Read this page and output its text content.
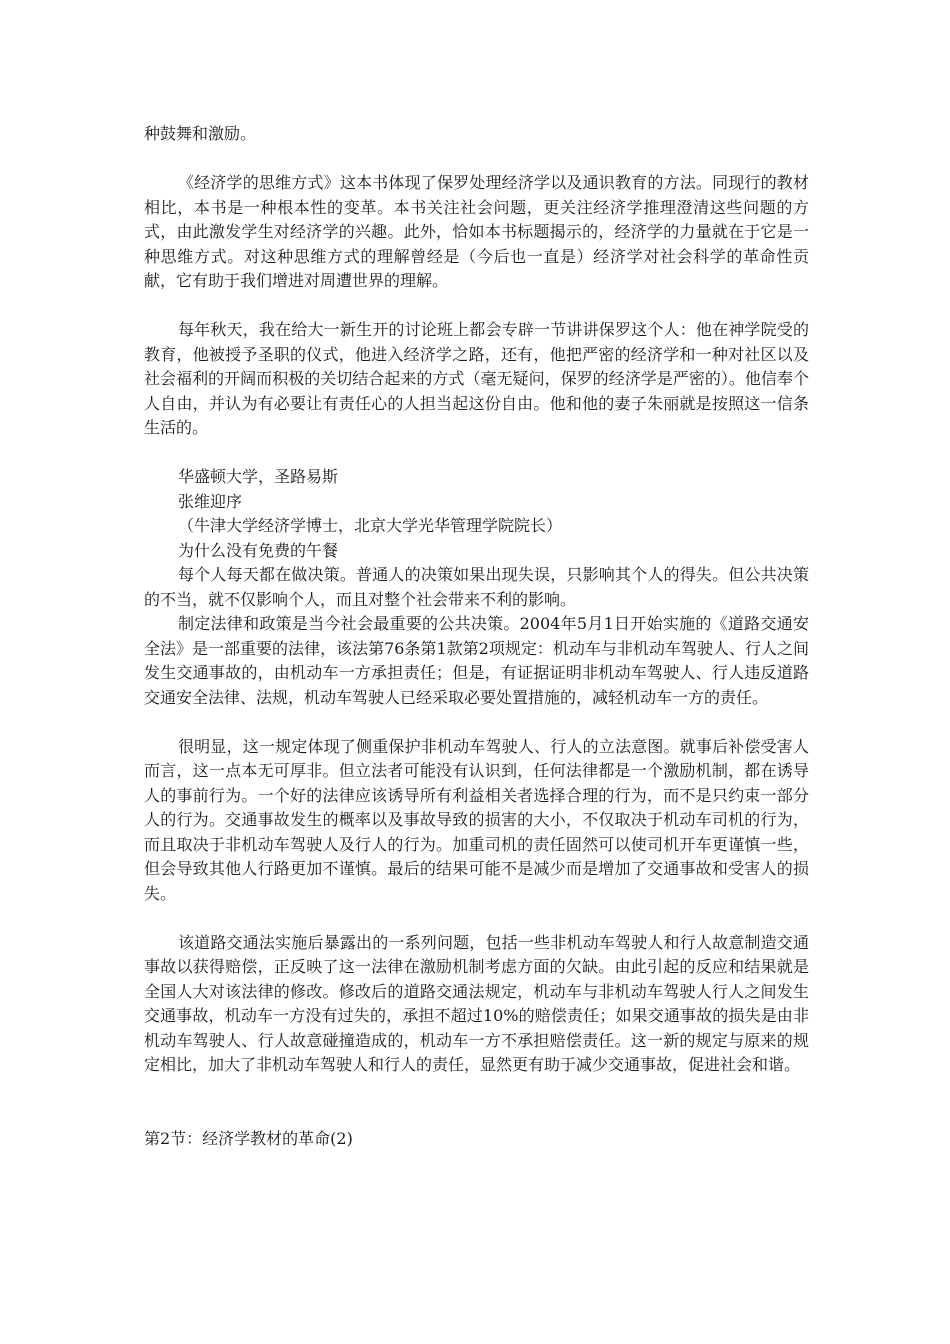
种鼓舞和激励。

《经济学的思维方式》这本书体现了保罗处理经济学以及通识教育的方法。同现行的教材相比，本书是一种根本性的变革。本书关注社会问题，更关注经济学推理澄清这些问题的方式，由此激发学生对经济学的兴趣。此外，恰如本书标题揭示的，经济学的力量就在于它是一种思维方式。对这种思维方式的理解曾经是（今后也一直是）经济学对社会科学的革命性贡献，它有助于我们增进对周遭世界的理解。

每年秋天，我在给大一新生开的讨论班上都会专辟一节讲讲保罗这个人：他在神学院受的教育，他被授予圣职的仪式，他进入经济学之路，还有，他把严密的经济学和一种对社区以及社会福利的开阔而积极的关切结合起来的方式（毫无疑问，保罗的经济学是严密的）。他信奉个人自由，并认为有必要让有责任心的人担当起这份自由。他和他的妻子朱丽就是按照这一信条生活的。

华盛顿大学，圣路易斯

张维迎序

（牛津大学经济学博士，北京大学光华管理学院院长）

为什么没有免费的午餐

每个人每天都在做决策。普通人的决策如果出现失误，只影响其个人的得失。但公共决策的不当，就不仅影响个人，而且对整个社会带来不利的影响。

制定法律和政策是当今社会最重要的公共决策。2004年5月1日开始实施的《道路交通安全法》是一部重要的法律，该法第76条第1款第2项规定：机动车与非机动车驾驶人、行人之间发生交通事故的，由机动车一方承担责任；但是，有证据证明非机动车驾驶人、行人违反道路交通安全法律、法规，机动车驾驶人已经采取必要处置措施的，减轻机动车一方的责任。

很明显，这一规定体现了侧重保护非机动车驾驶人、行人的立法意图。就事后补偿受害人而言，这一点本无可厚非。但立法者可能没有认识到，任何法律都是一个激励机制，都在诱导人的事前行为。一个好的法律应该诱导所有利益相关者选择合理的行为，而不是只约束一部分人的行为。交通事故发生的概率以及事故导致的损害的大小，不仅取决于机动车司机的行为，而且取决于非机动车驾驶人及行人的行为。加重司机的责任固然可以使司机开车更谨慎一些，但会导致其他人行路更加不谨慎。最后的结果可能不是减少而是增加了交通事故和受害人的损失。

该道路交通法实施后暴露出的一系列问题，包括一些非机动车驾驶人和行人故意制造交通事故以获得赔偿，正反映了这一法律在激励机制考虑方面的欠缺。由此引起的反应和结果就是全国人大对该法律的修改。修改后的道路交通法规定，机动车与非机动车驾驶人行人之间发生交通事故，机动车一方没有过失的，承担不超过10%的赔偿责任；如果交通事故的损失是由非机动车驾驶人、行人故意碰撞造成的，机动车一方不承担赔偿责任。这一新的规定与原来的规定相比，加大了非机动车驾驶人和行人的责任，显然更有助于减少交通事故，促进社会和谐。

第2节：经济学教材的革命(2)
